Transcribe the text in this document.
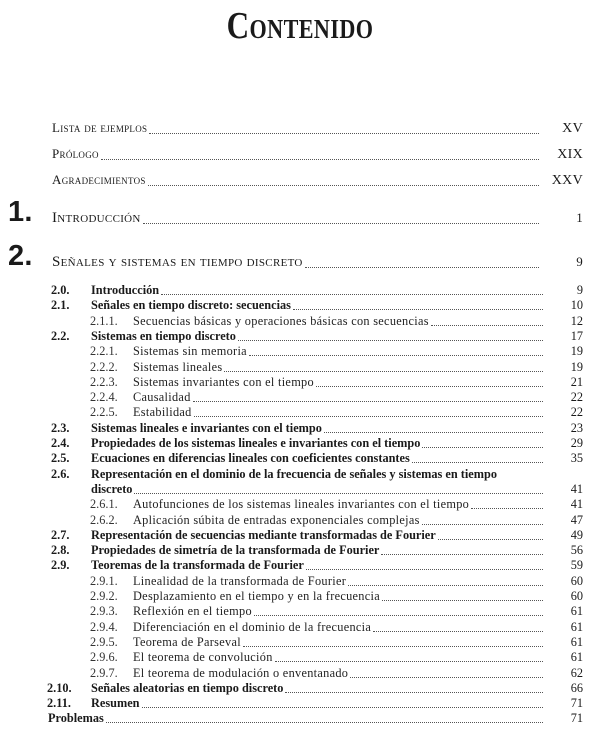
Contenido
Lista de ejemplos	XV
Prólogo	XIX
Agradecimientos	XXV
1. Introducción	1
2. Señales y sistemas en tiempo discreto	9
2.0.	Introducción	9
2.1.	Señales en tiempo discreto: secuencias	10
2.1.1.	Secuencias básicas y operaciones básicas con secuencias	12
2.2.	Sistemas en tiempo discreto	17
2.2.1.	Sistemas sin memoria	19
2.2.2.	Sistemas lineales	19
2.2.3.	Sistemas invariantes con el tiempo	21
2.2.4.	Causalidad	22
2.2.5.	Estabilidad	22
2.3.	Sistemas lineales e invariantes con el tiempo	23
2.4.	Propiedades de los sistemas lineales e invariantes con el tiempo	29
2.5.	Ecuaciones en diferencias lineales con coeficientes constantes	35
2.6.	Representación en el dominio de la frecuencia de señales y sistemas en tiempo
discreto	41
2.6.1.	Autofunciones de los sistemas lineales invariantes con el tiempo	41
2.6.2.	Aplicación súbita de entradas exponenciales complejas	47
2.7.	Representación de secuencias mediante transformadas de Fourier	49
2.8.	Propiedades de simetría de la transformada de Fourier	56
2.9.	Teoremas de la transformada de Fourier	59
2.9.1.	Linealidad de la transformada de Fourier	60
2.9.2.	Desplazamiento en el tiempo y en la frecuencia	60
2.9.3.	Reflexión en el tiempo	61
2.9.4.	Diferenciación en el dominio de la frecuencia	61
2.9.5.	Teorema de Parseval	61
2.9.6.	El teorema de convolución	61
2.9.7.	El teorema de modulación o enventanado	62
2.10.	Señales aleatorias en tiempo discreto	66
2.11.	Resumen	71
Problemas	71
